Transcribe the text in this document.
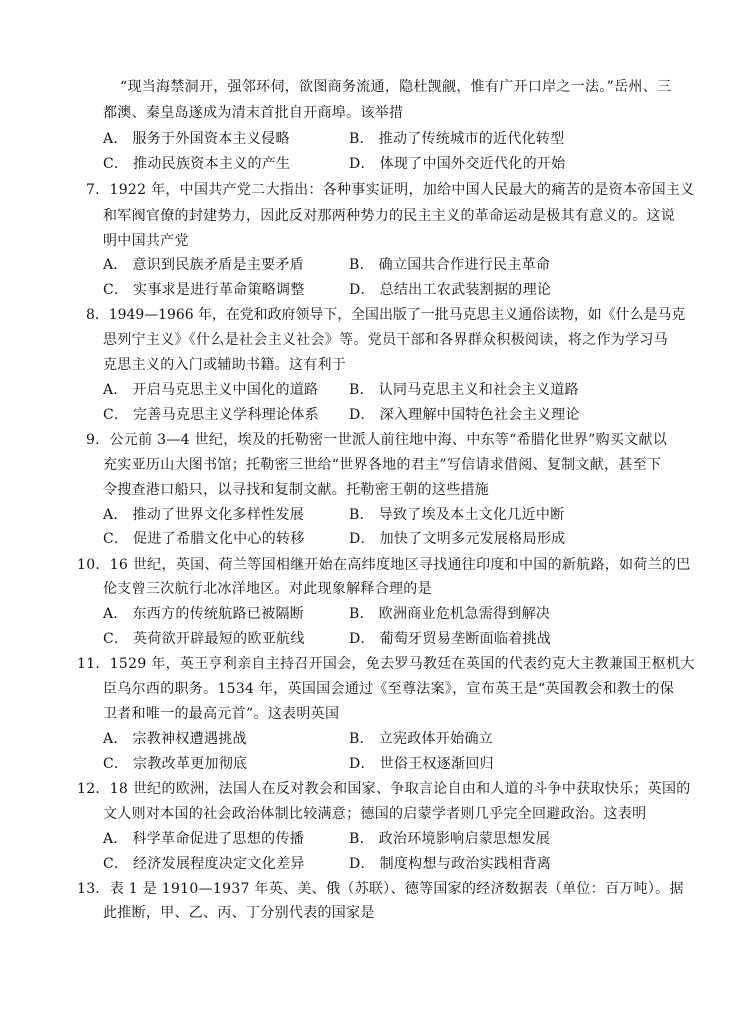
“现当海禁洞开，强邻环伺，欲图商务流通，隐杜觊觎，惟有广开口岸之一法。”岳州、三
都澳、秦皇岛遂成为清末首批自开商埠。该举措
A． 服务于外国资本主义侵略	B． 推动了传统城市的近代化转型
C． 推动民族资本主义的产生	D． 体现了中国外交近代化的开始
7．1922 年，中国共产党二大指出：各种事实证明，加给中国人民最大的痛苦的是资本帝国主义
和军阀官僚的封建势力，因此反对那两种势力的民主主义的革命运动是极其有意义的。这说
明中国共产党
A． 意识到民族矛盾是主要矛盾	B． 确立国共合作进行民主革命
C． 实事求是进行革命策略调整	D． 总结出工农武装割据的理论
8．1949—1966 年，在党和政府领导下，全国出版了一批马克思主义通俗读物，如《什么是马克
思列宁主义》《什么是社会主义社会》等。党员干部和各界群众积极阅读，将之作为学习马
克思主义的入门或辅助书籍。这有利于
A． 开启马克思主义中国化的道路 B． 认同马克思主义和社会主义道路
C． 完善马克思主义学科理论体系 D． 深入理解中国特色社会主义理论
9．公元前 3—4 世纪，埃及的托勒密一世派人前往地中海、中东等“希腊化世界”购买文献以
充实亚历山大图书馆；托勒密三世给“世界各地的君主”写信请求借阅、复制文献，甚至下
令搜查港口船只，以寻找和复制文献。托勒密王朝的这些措施
A． 推动了世界文化多样性发展	B． 导致了埃及本土文化几近中断
C． 促进了希腊文化中心的转移	D． 加快了文明多元发展格局形成
10．16 世纪，英国、荷兰等国相继开始在高纬度地区寻找通往印度和中国的新航路，如荷兰的巴
伦支曾三次航行北冰洋地区。对此现象解释合理的是
A． 东西方的传统航路已被隔断	B． 欧洲商业危机急需得到解决
C． 英荷欲开辟最短的欧亚航线	D． 葡萄牙贸易垄断面临着挑战
11．1529 年，英王亨利亲自主持召开国会，免去罗马教廷在英国的代表约克大主教兼国王枢机大
臣乌尔西的职务。1534 年，英国国会通过《至尊法案》，宣布英王是“英国教会和教士的保
卫者和唯一的最高元首”。这表明英国
A． 宗教神权遭遇挑战	B． 立宪政体开始确立
C． 宗教改革更加彻底	D． 世俗王权逐渐回归
12．18 世纪的欧洲，法国人在反对教会和国家、争取言论自由和人道的斗争中获取快乐；英国的
文人则对本国的社会政治体制比较满意；德国的启蒙学者则几乎完全回避政治。这表明
A． 科学革命促进了思想的传播	B． 政治环境影响启蒙思想发展
C． 经济发展程度决定文化差异	D． 制度构想与政治实践相背离
13．表 1 是 1910—1937 年英、美、俄（苏联）、德等国家的经济数据表（单位：百万吨）。据
此推断，甲、乙、丙、丁分别代表的国家是
